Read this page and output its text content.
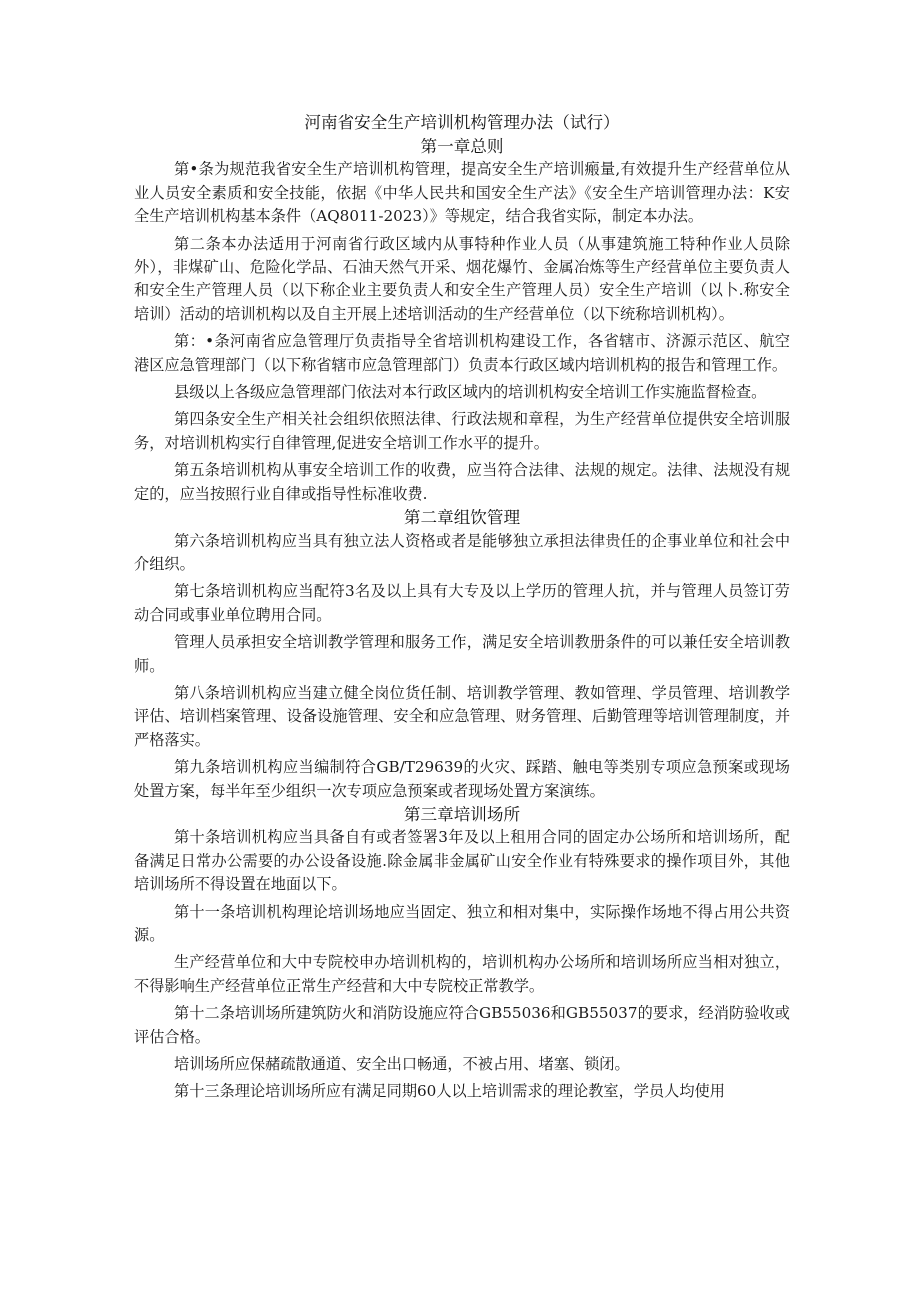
河南省安全生产培训机构管理办法（试行）
第一章总则

第•条为规范我省安全生产培训机构管理，提高安全生产培训瘢量,有效提升生产经营单位从业人员安全素质和安全技能，依据《中华人民共和国安全生产法》《安全生产培训管理办法：K安全生产培训机构基本条件（AQ8011-2023）》等规定，结合我省实际，制定本办法。

第二条本办法适用于河南省行政区域内从事特种作业人员（从事建筑施工特种作业人员除外），非煤矿山、危险化学品、石油天然气开采、烟花爆竹、金属冶炼等生产经营单位主要负责人和安全生产管理人员（以下称企业主要负责人和安全生产管理人员）安全生产培训（以卜.称安全培训）活动的培训机构以及自主开展上述培训活动的生产经营单位（以下统称培训机构）。

第：•条河南省应急管理厅负责指导全省培训机构建设工作，各省辖市、济源示范区、航空港区应急管理部门（以下称省辖市应急管理部门）负责本行政区域内培训机构的报告和管理工作。

县级以上各级应急管理部门依法对本行政区域内的培训机构安全培训工作实施监督检查。

第四条安全生产相关社会组织依照法律、行政法规和章程，为生产经营单位提供安全培训服务，对培训机构实行自律管理,促进安全培训工作水平的提升。

第五条培训机构从事安全培训工作的收费，应当符合法律、法规的规定。法律、法规没有规定的，应当按照行业自律或指导性标准收费.

第二章组饮管理

第六条培训机构应当具有独立法人资格或者是能够独立承担法律贵任的企事业单位和社会中介组织。

第七条培训机构应当配符3名及以上具有大专及以上学历的管理人抗，并与管理人员签订劳动合同或事业单位聘用合同。

管理人员承担安全培训教学管理和服务工作，满足安全培训教册条件的可以兼任安全培训教师。

第八条培训机构应当建立健全岗位货任制、培训教学管理、教如管理、学员管理、培训教学评估、培训档案管理、设备设施管理、安全和应急管理、财务管理、后勤管理等培训管理制度，并严格落实。

第九条培训机构应当编制符合GB/T29639的火灾、踩踏、触电等类别专项应急预案或现场处置方案，每半年至少组织一次专项应急预案或者现场处置方案演练。

第三章培训场所

第十条培训机构应当具备自有或者签署3年及以上租用合同的固定办公场所和培训场所，配备满足日常办公需要的办公设备设施.除金属非金属矿山安全作业有特殊要求的操作项目外，其他培训场所不得设置在地面以下。

第十一条培训机构理论培训场地应当固定、独立和相对集中，实际操作场地不得占用公共资源。

生产经营单位和大中专院校申办培训机构的，培训机构办公场所和培训场所应当相对独立，不得影响生产经营单位正常生产经营和大中专院校正常教学。

第十二条培训场所建筑防火和消防设施应符合GB55036和GB55037的要求，经消防验收或评估合格。

培训场所应保赭疏散通道、安全出口畅通，不被占用、堵塞、锁闭。

第十三条理论培训场所应有满足同期60人以上培训需求的理论教室，学员人均使用
